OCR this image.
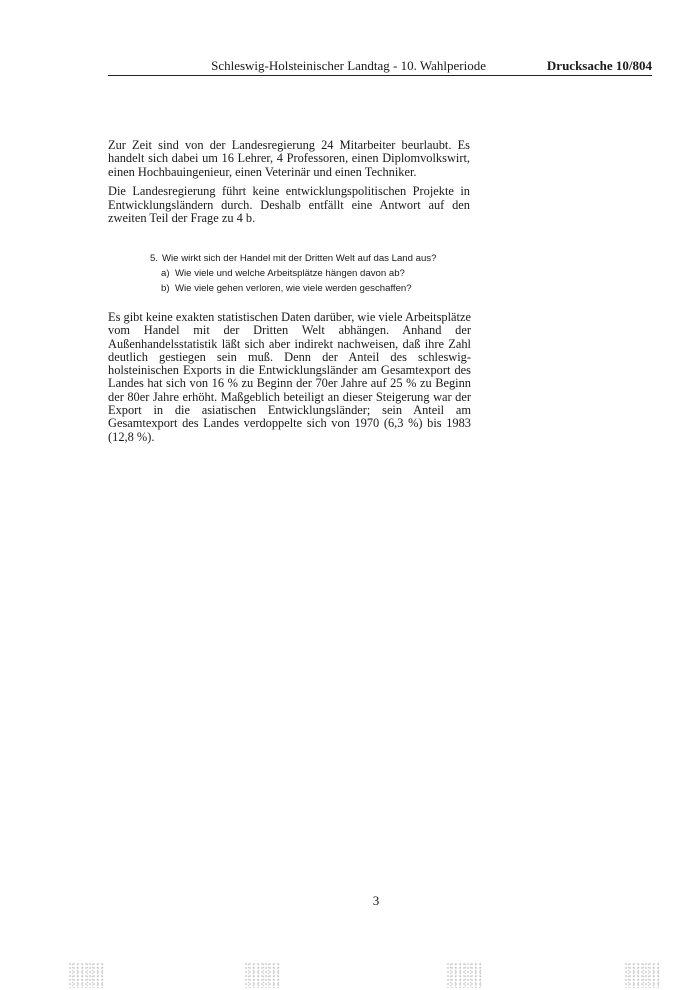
Schleswig-Holsteinischer Landtag - 10. Wahlperiode	Drucksache 10/804

Zur Zeit sind von der Landesregierung 24 Mitarbeiter beurlaubt. Es handelt sich dabei um 16 Lehrer, 4 Professoren, einen Diplomvolkswirt, einen Hochbauingenieur, einen Veterinär und einen Techniker.

Die Landesregierung führt keine entwicklungspolitischen Projekte in Entwicklungsländern durch. Deshalb entfällt eine Antwort auf den zweiten Teil der Frage zu 4 b.

5. Wie wirkt sich der Handel mit der Dritten Welt auf das Land aus?

a) Wie viele und welche Arbeitsplätze hängen davon ab?

b) Wie viele gehen verloren, wie viele werden geschaffen?

Es gibt keine exakten statistischen Daten darüber, wie viele Arbeitsplätze vom Handel mit der Dritten Welt abhängen. Anhand der Außenhandelsstatistik läßt sich aber indirekt nachweisen, daß ihre Zahl deutlich gestiegen sein muß. Denn der Anteil des schleswig-holsteinischen Exports in die Entwicklungsländer am Gesamtexport des Landes hat sich von 16 % zu Beginn der 70er Jahre auf 25 % zu Beginn der 80er Jahre erhöht. Maßgeblich beteiligt an dieser Steigerung war der Export in die asiatischen Entwicklungsländer; sein Anteil am Gesamtexport des Landes verdoppelte sich von 1970 (6,3 %) bis 1983 (12,8 %).

3
